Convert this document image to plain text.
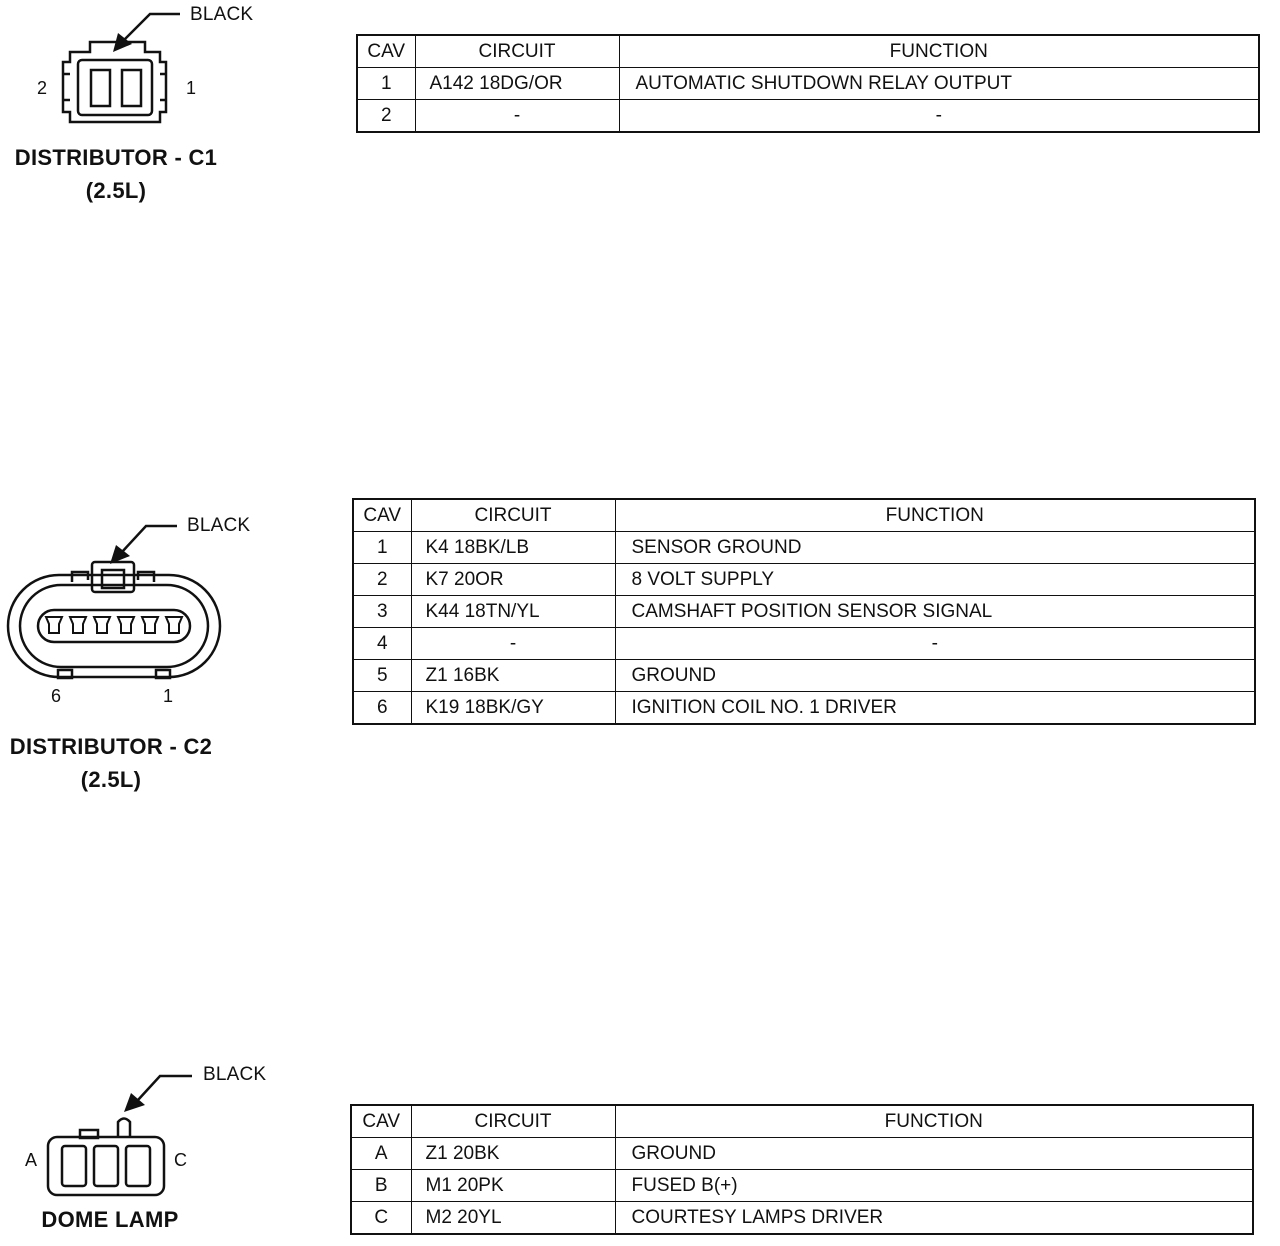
BLACK
2	1
DISTRIBUTOR - C1
(2.5L)
CAV	CIRCUIT	FUNCTION
1	A142 18DG/OR	AUTOMATIC SHUTDOWN RELAY OUTPUT
2	-	-
BLACK
6	1
DISTRIBUTOR - C2
(2.5L)
CAV	CIRCUIT	FUNCTION
1	K4 18BK/LB	SENSOR GROUND
2	K7 20OR	8 VOLT SUPPLY
3	K44 18TN/YL	CAMSHAFT POSITION SENSOR SIGNAL
4	-	-
5	Z1 16BK	GROUND
6	K19 18BK/GY	IGNITION COIL NO. 1 DRIVER
BLACK
A	C
DOME LAMP
CAV	CIRCUIT	FUNCTION
A	Z1 20BK	GROUND
B	M1 20PK	FUSED B(+)
C	M2 20YL	COURTESY LAMPS DRIVER
